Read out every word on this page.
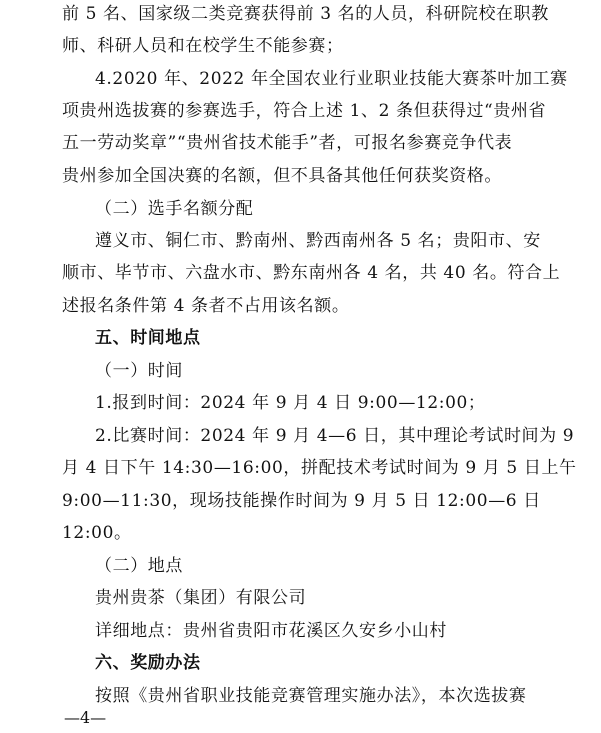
前 5 名、国家级二类竞赛获得前 3 名的人员，科研院校在职教
师、科研人员和在校学生不能参赛；
4.2020 年、2022 年全国农业行业职业技能大赛茶叶加工赛
项贵州选拔赛的参赛选手，符合上述 1、2 条但获得过“贵州省
五一劳动奖章”“贵州省技术能手”者，可报名参赛竞争代表
贵州参加全国决赛的名额，但不具备其他任何获奖资格。
（二）选手名额分配
遵义市、铜仁市、黔南州、黔西南州各 5 名；贵阳市、安
顺市、毕节市、六盘水市、黔东南州各 4 名，共 40 名。符合上
述报名条件第 4 条者不占用该名额。
五、时间地点
（一）时间
1.报到时间：2024 年 9 月 4 日 9:00—12:00；
2.比赛时间：2024 年 9 月 4—6 日，其中理论考试时间为 9
月 4 日下午 14:30—16:00，拼配技术考试时间为 9 月 5 日上午
9:00—11:30，现场技能操作时间为 9 月 5 日 12:00—6 日
12:00。
（二）地点
贵州贵茶（集团）有限公司
详细地点：贵州省贵阳市花溪区久安乡小山村
六、奖励办法
按照《贵州省职业技能竞赛管理实施办法》，本次选拔赛
—4—
